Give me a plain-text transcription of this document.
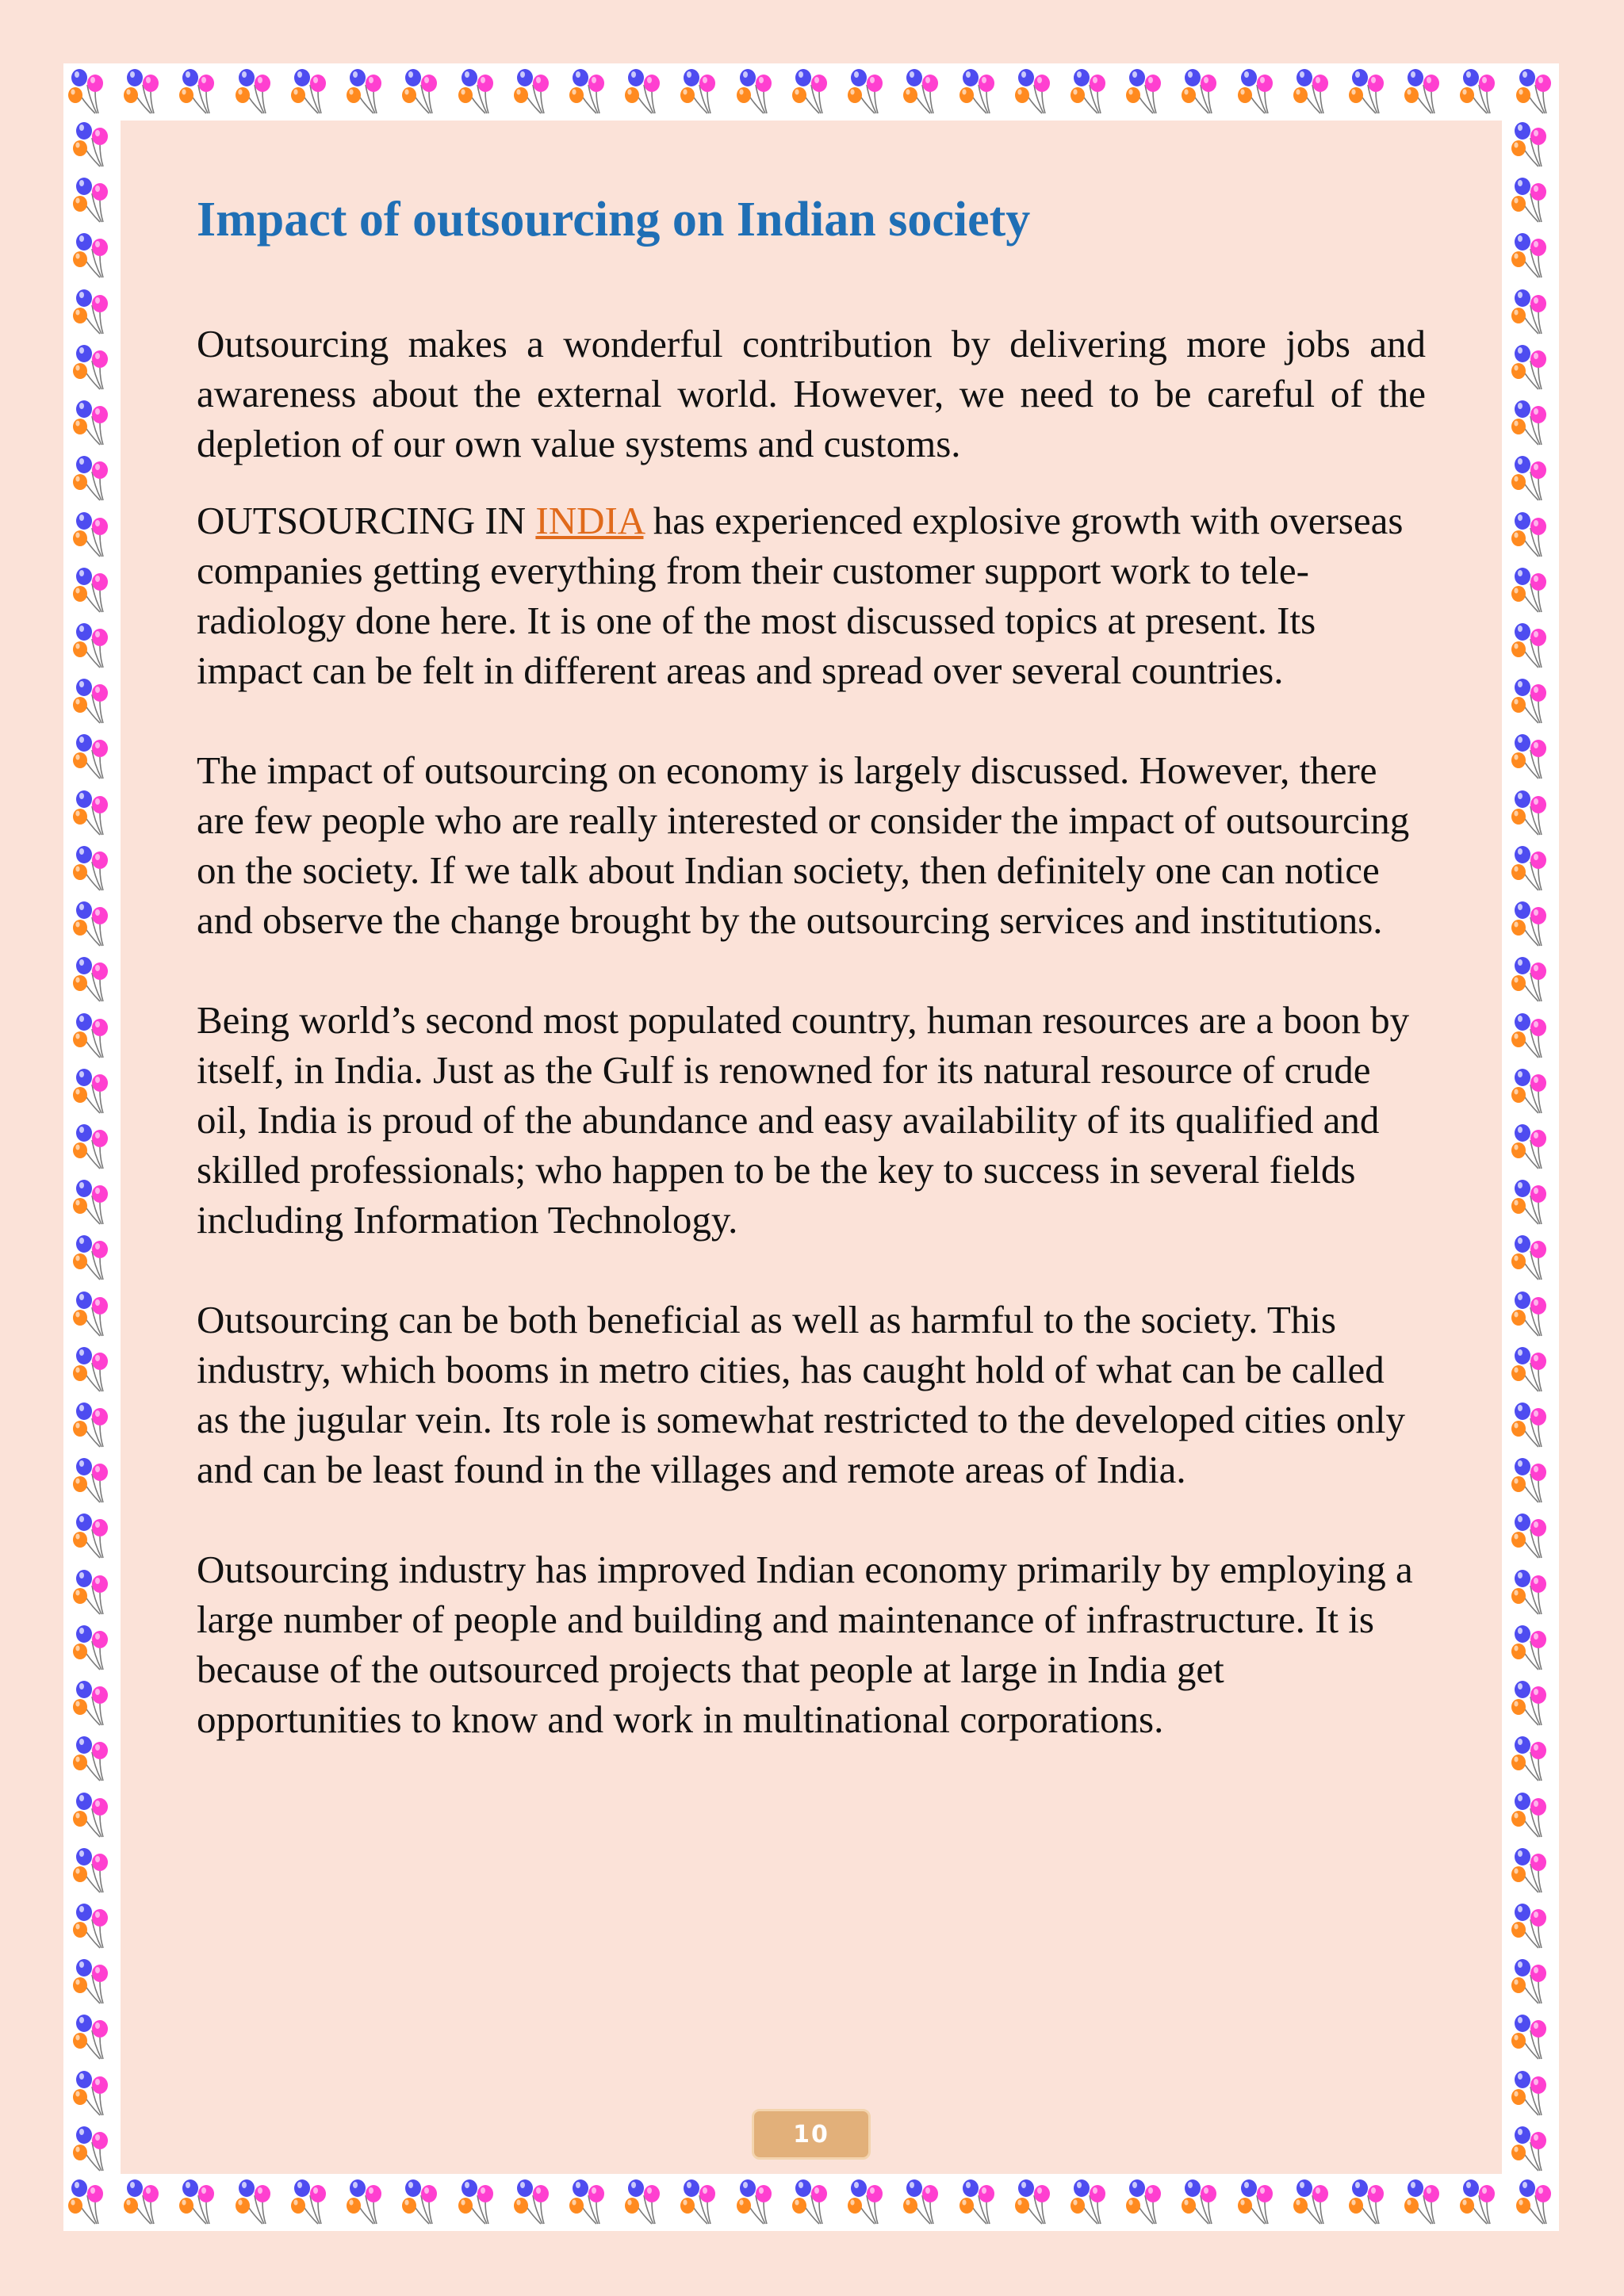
Impact of outsourcing on Indian society

Outsourcing makes a wonderful contribution by delivering more jobs and awareness about the external world. However, we need to be careful of the depletion of our own value systems and customs.

OUTSOURCING IN INDIA has experienced explosive growth with overseas companies getting everything from their customer support work to tele-radiology done here. It is one of the most discussed topics at present. Its impact can be felt in different areas and spread over several countries.

The impact of outsourcing on economy is largely discussed. However, there are few people who are really interested or consider the impact of outsourcing on the society. If we talk about Indian society, then definitely one can notice and observe the change brought by the outsourcing services and institutions.

Being world’s second most populated country, human resources are a boon by itself, in India. Just as the Gulf is renowned for its natural resource of crude oil, India is proud of the abundance and easy availability of its qualified and skilled professionals; who happen to be the key to success in several fields including Information Technology.

Outsourcing can be both beneficial as well as harmful to the society. This industry, which booms in metro cities, has caught hold of what can be called as the jugular vein. Its role is somewhat restricted to the developed cities only and can be least found in the villages and remote areas of India.

Outsourcing industry has improved Indian economy primarily by employing a large number of people and building and maintenance of infrastructure. It is because of the outsourced projects that people at large in India get opportunities to know and work in multinational corporations.

10
